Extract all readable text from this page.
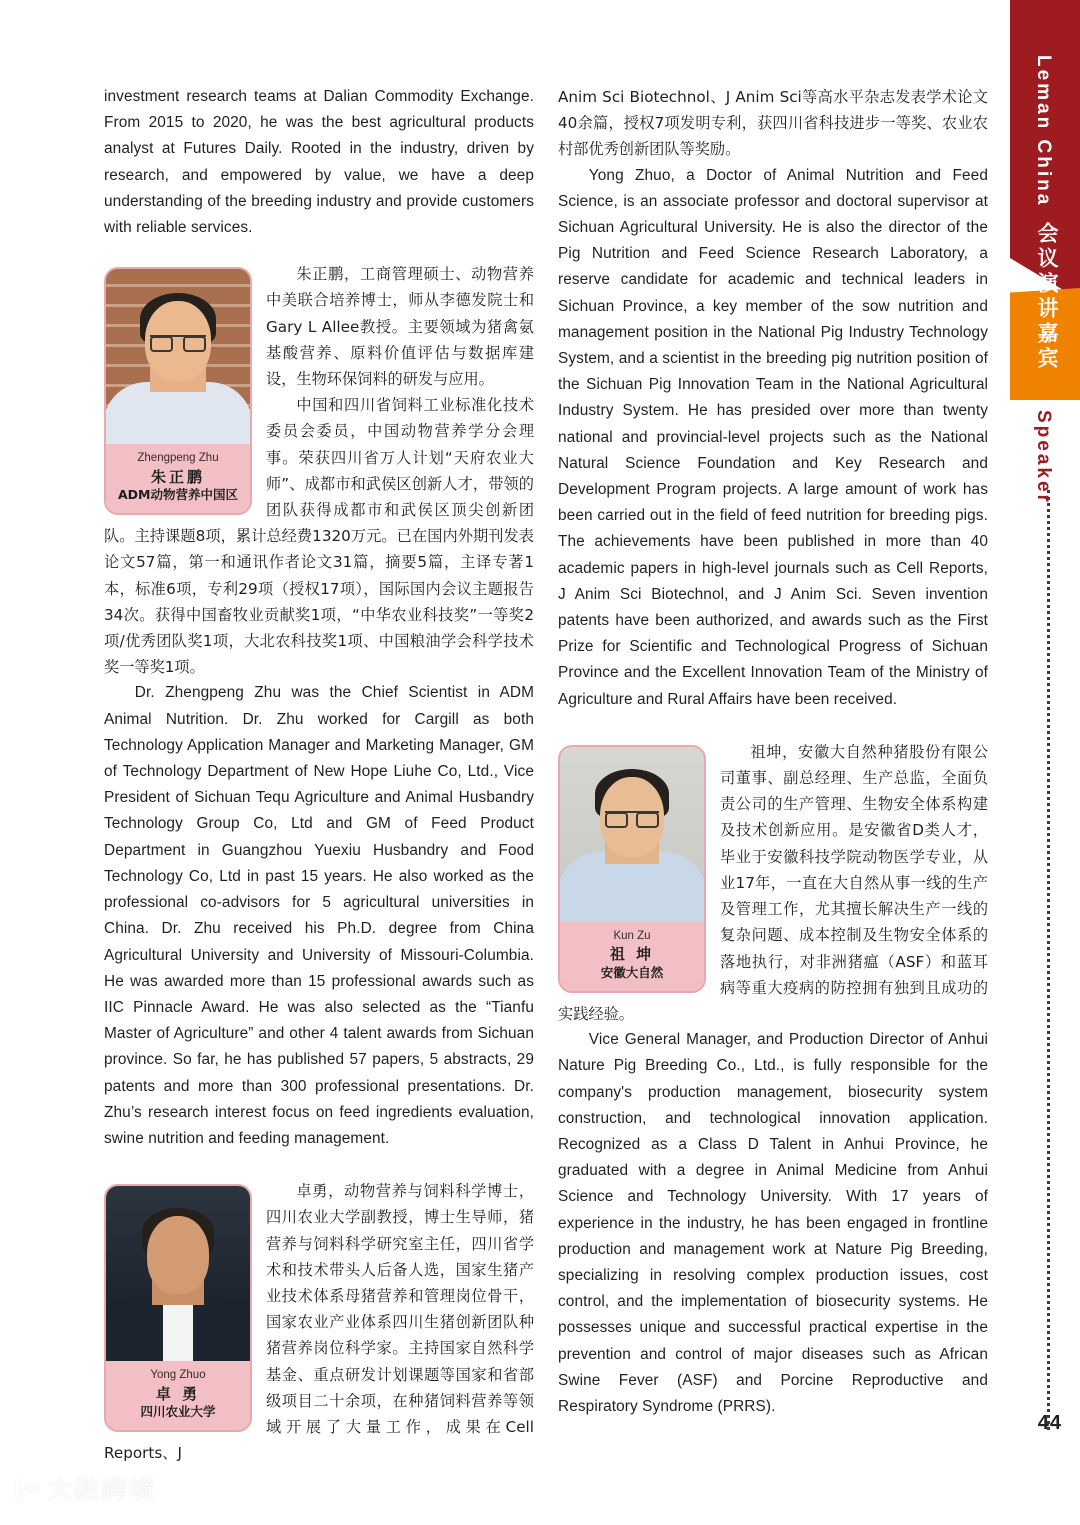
investment research teams at Dalian Commodity Exchange. From 2015 to 2020, he was the best agricultural products analyst at Futures Daily. Rooted in the industry, driven by research, and empowered by value, we have a deep understanding of the breeding industry and provide customers with reliable services.

Zhengpeng Zhu
朱正鹏
ADM动物营养中国区

朱正鹏，工商管理硕士、动物营养中美联合培养博士，师从李德发院士和Gary L Allee教授。主要领域为猪禽氨基酸营养、原料价值评估与数据库建设，生物环保饲料的研发与应用。

中国和四川省饲料工业标准化技术委员会委员，中国动物营养学分会理事。荣获四川省万人计划“天府农业大师”、成都市和武侯区创新人才，带领的团队获得成都市和武侯区顶尖创新团队。主持课题8项，累计总经费1320万元。已在国内外期刊发表论文57篇，第一和通讯作者论文31篇，摘要5篇，主译专著1本，标准6项，专利29项（授权17项），国际国内会议主题报告34次。获得中国畜牧业贡献奖1项，“中华农业科技奖”一等奖2项/优秀团队奖1项，大北农科技奖1项、中国粮油学会科学技术奖一等奖1项。

Dr. Zhengpeng Zhu was the Chief Scientist in ADM Animal Nutrition. Dr. Zhu worked for Cargill as both Technology Application Manager and Marketing Manager, GM of Technology Department of New Hope Liuhe Co, Ltd., Vice President of Sichuan Tequ Agriculture and Animal Husbandry Technology Group Co, Ltd and GM of Feed Product Department in Guangzhou Yuexiu Husbandry and Food Technology Co, Ltd in past 15 years. He also worked as the professional co-advisors for 5 agricultural universities in China. Dr. Zhu received his Ph.D. degree from China Agricultural University and University of Missouri-Columbia. He was awarded more than 15 professional awards such as IIC Pinnacle Award. He was also selected as the “Tianfu Master of Agriculture” and other 4 talent awards from Sichuan province. So far, he has published 57 papers, 5 abstracts, 29 patents and more than 300 professional presentations. Dr. Zhu’s research interest focus on feed ingredients evaluation, swine nutrition and feeding management.

Yong Zhuo
卓 勇
四川农业大学

卓勇，动物营养与饲料科学博士，四川农业大学副教授，博士生导师，猪营养与饲料科学研究室主任，四川省学术和技术带头人后备人选，国家生猪产业技术体系母猪营养和管理岗位骨干，国家农业产业体系四川生猪创新团队种猪营养岗位科学家。主持国家自然科学基金、重点研发计划课题等国家和省部级项目二十余项，在种猪饲料营养等领域开展了大量工作，成果在Cell Reports、J

Anim Sci Biotechnol、J Anim Sci等高水平杂志发表学术论文40余篇，授权7项发明专利，获四川省科技进步一等奖、农业农村部优秀创新团队等奖励。

Yong Zhuo, a Doctor of Animal Nutrition and Feed Science, is an associate professor and doctoral supervisor at Sichuan Agricultural University. He is also the director of the Pig Nutrition and Feed Science Research Laboratory, a reserve candidate for academic and technical leaders in Sichuan Province, a key member of the sow nutrition and management position in the National Pig Industry Technology System, and a scientist in the breeding pig nutrition position of the Sichuan Pig Innovation Team in the National Agricultural Industry System. He has presided over more than twenty national and provincial-level projects such as the National Natural Science Foundation and Key Research and Development Program projects. A large amount of work has been carried out in the field of feed nutrition for breeding pigs. The achievements have been published in more than 40 academic papers in high-level journals such as Cell Reports, J Anim Sci Biotechnol, and J Anim Sci. Seven invention patents have been authorized, and awards such as the First Prize for Scientific and Technological Progress of Sichuan Province and the Excellent Innovation Team of the Ministry of Agriculture and Rural Affairs have been received.

Kun Zu
祖 坤
安徽大自然

祖坤，安徽大自然种猪股份有限公司董事、副总经理、生产总监，全面负责公司的生产管理、生物安全体系构建及技术创新应用。是安徽省D类人才，毕业于安徽科技学院动物医学专业，从业17年，一直在大自然从事一线的生产及管理工作，尤其擅长解决生产一线的复杂问题、成本控制及生物安全体系的落地执行，对非洲猪瘟（ASF）和蓝耳病等重大疫病的防控拥有独到且成功的实践经验。

Vice General Manager, and Production Director of Anhui Nature Pig Breeding Co., Ltd., is fully responsible for the company's production management, biosecurity system construction, and technological innovation application. Recognized as a Class D Talent in Anhui Province, he graduated with a degree in Animal Medicine from Anhui Science and Technology University. With 17 years of experience in the industry, he has been engaged in frontline production and management work at Nature Pig Breeding, specializing in resolving complex production issues, cost control, and the implementation of biosecurity systems. He possesses unique and successful practical expertise in the prevention and control of major diseases such as African Swine Fever (ASF) and Porcine Reproductive and Respiratory Syndrome (PRRS).

⦗∞ 大数跨境
Leman China
会议演讲嘉宾
Speaker
44
